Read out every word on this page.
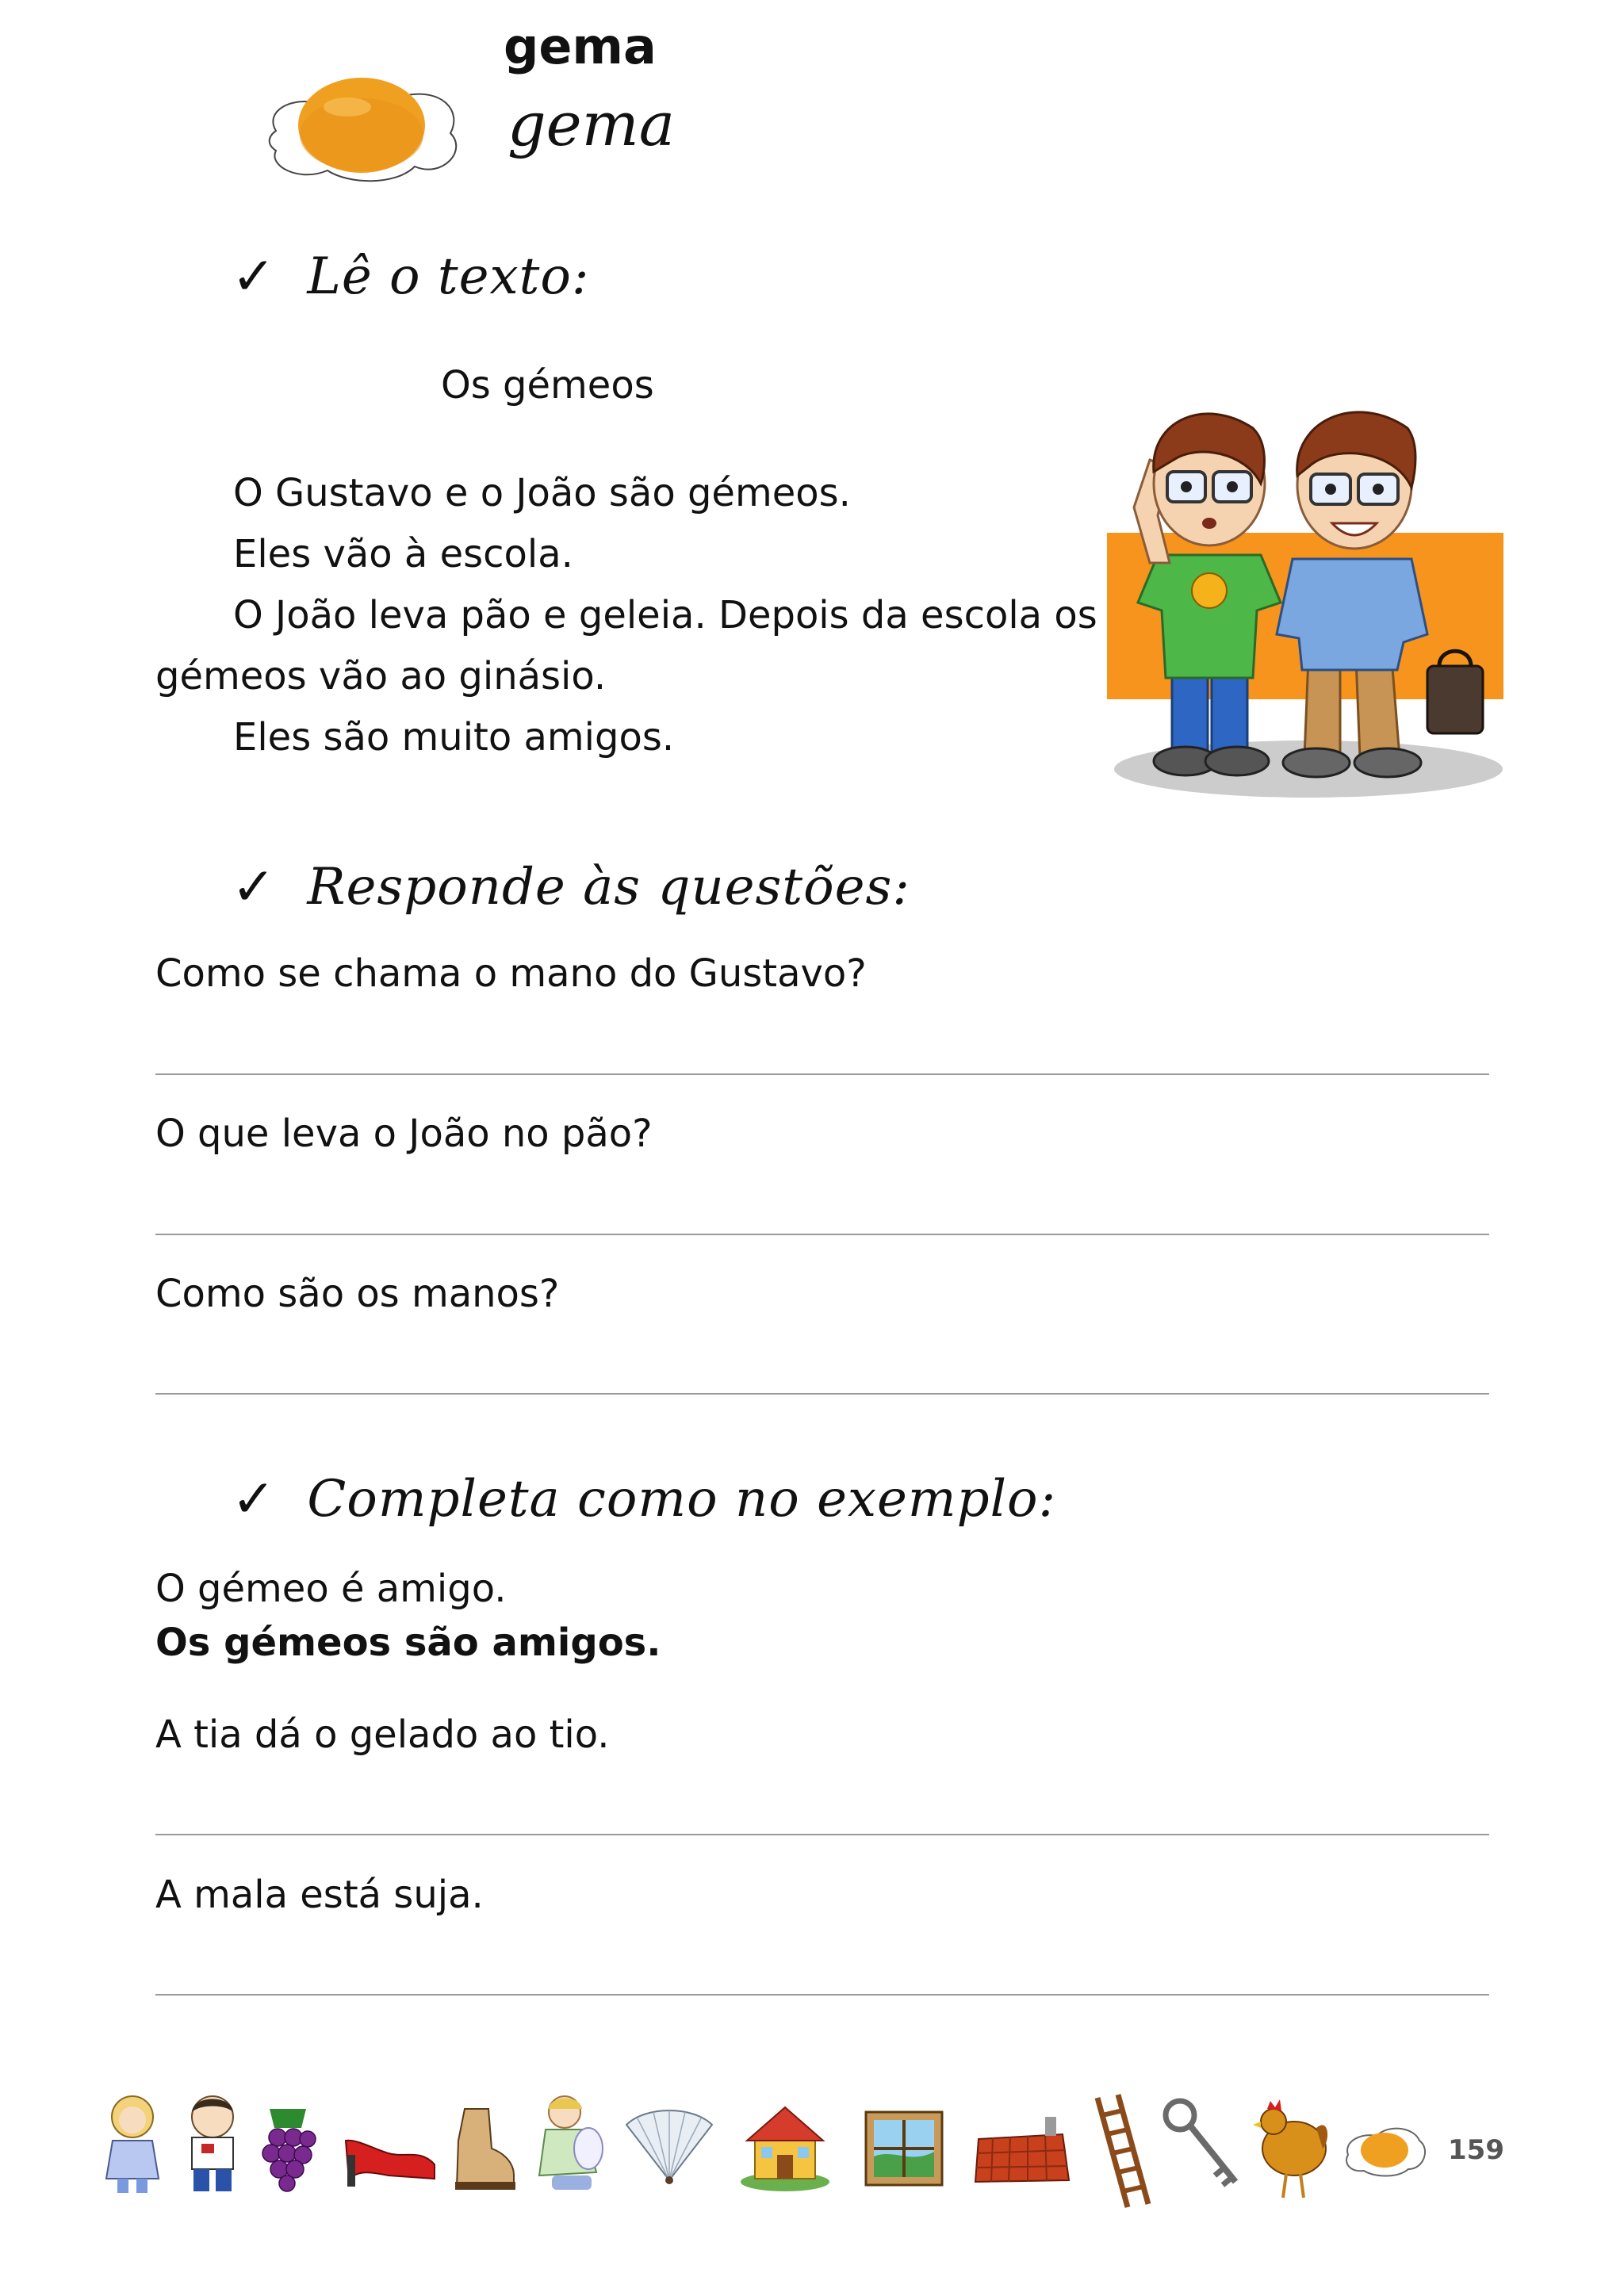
gema
gema
✓ Lê o texto:
Os gémeos
O Gustavo e o João são gémeos.
Eles vão à escola.
O João leva pão e geleia. Depois da escola os
gémeos vão ao ginásio.
Eles são muito amigos.
✓ Responde às questões:
Como se chama o mano do Gustavo?
O que leva o João no pão?
Como são os manos?
✓ Completa como no exemplo:
O gémeo é amigo.
Os gémeos são amigos.
A tia dá o gelado ao tio.
A mala está suja.
159
